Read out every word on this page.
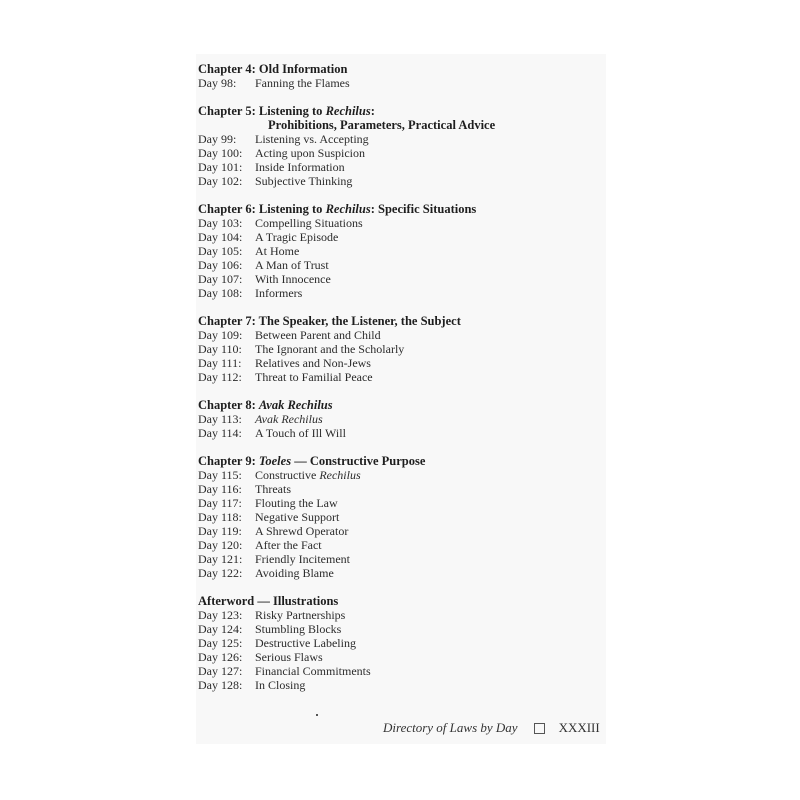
Chapter 4: Old Information
Day 98:	Fanning the Flames
Chapter 5: Listening to Rechilus:
Prohibitions, Parameters, Practical Advice
Day 99:	Listening vs. Accepting
Day 100:	Acting upon Suspicion
Day 101:	Inside Information
Day 102:	Subjective Thinking
Chapter 6: Listening to Rechilus: Specific Situations
Day 103:	Compelling Situations
Day 104:	A Tragic Episode
Day 105:	At Home
Day 106:	A Man of Trust
Day 107:	With Innocence
Day 108:	Informers
Chapter 7: The Speaker, the Listener, the Subject
Day 109:	Between Parent and Child
Day 110:	The Ignorant and the Scholarly
Day 111:	Relatives and Non-Jews
Day 112:	Threat to Familial Peace
Chapter 8: Avak Rechilus
Day 113:	Avak Rechilus
Day 114:	A Touch of Ill Will
Chapter 9: Toeles — Constructive Purpose
Day 115:	Constructive Rechilus
Day 116:	Threats
Day 117:	Flouting the Law
Day 118:	Negative Support
Day 119:	A Shrewd Operator
Day 120:	After the Fact
Day 121:	Friendly Incitement
Day 122:	Avoiding Blame
Afterword — Illustrations
Day 123:	Risky Partnerships
Day 124:	Stumbling Blocks
Day 125:	Destructive Labeling
Day 126:	Serious Flaws
Day 127:	Financial Commitments
Day 128:	In Closing
Directory of Laws by Day	XXXIII
